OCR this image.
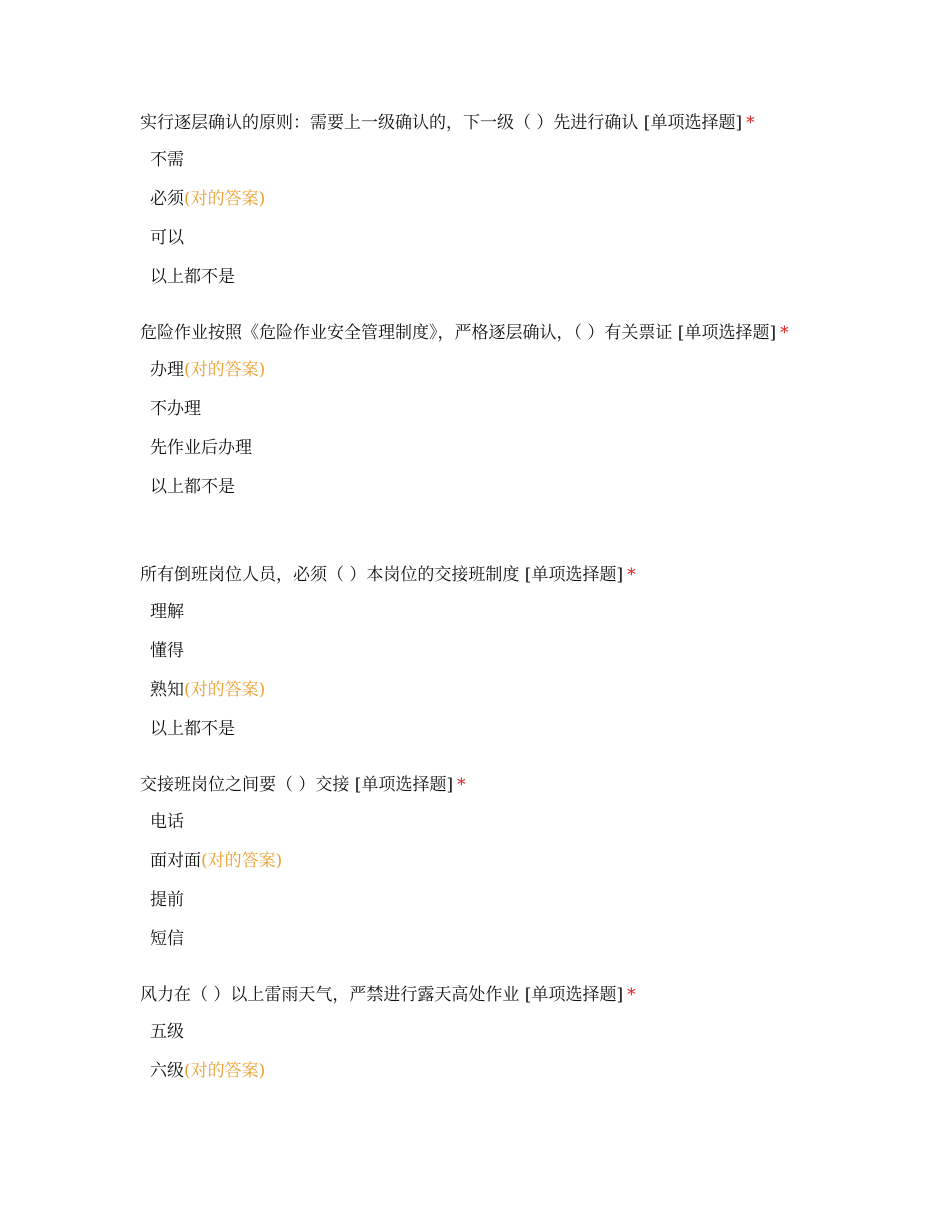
实行逐层确认的原则：需要上一级确认的，下一级（ ）先进行确认 [单项选择题] *

不需
必须(对的答案)
可以
以上都不是

危险作业按照《危险作业安全管理制度》，严格逐层确认，（ ）有关票证 [单项选择题] *

办理(对的答案)
不办理
先作业后办理
以上都不是

所有倒班岗位人员，必须（ ）本岗位的交接班制度 [单项选择题] *

理解
懂得
熟知(对的答案)
以上都不是

交接班岗位之间要（ ）交接 [单项选择题] *

电话
面对面(对的答案)
提前
短信

风力在（ ）以上雷雨天气，严禁进行露天高处作业 [单项选择题] *

五级
六级(对的答案)
